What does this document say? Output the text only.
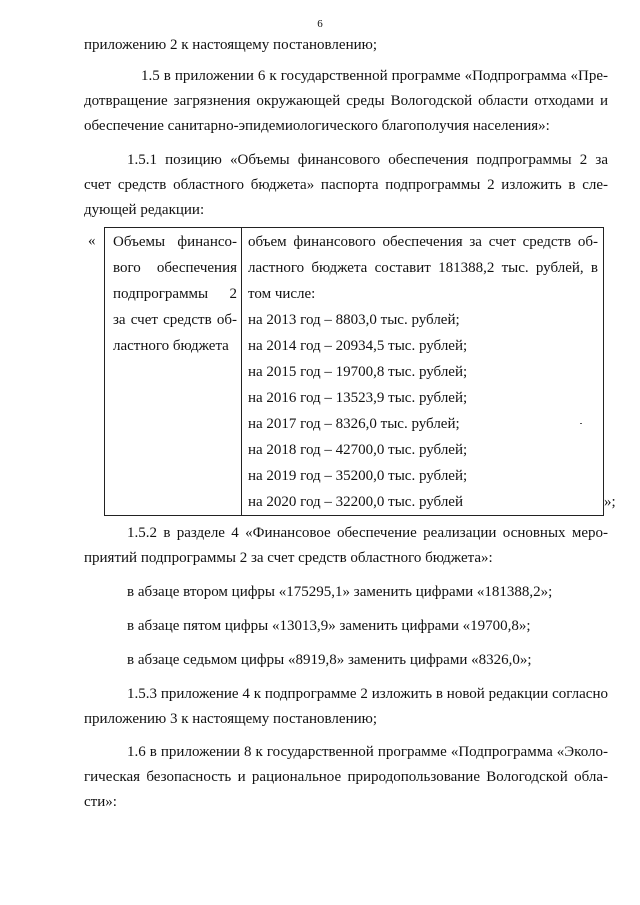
6
приложению 2 к настоящему постановлению;
1.5 в приложении 6 к государственной программе «Подпрограмма «Пре-
дотвращение загрязнения окружающей среды Вологодской области отходами и
обеспечение санитарно-эпидемиологического благополучия населения»:
1.5.1 позицию «Объемы финансового обеспечения подпрограммы 2 за
счет средств областного бюджета» паспорта подпрограммы 2 изложить в сле-
дующей редакции:
« Объемы финансо-
вого обеспечения
подпрограммы 2
за счет средств об-
ластного бюджета
объем финансового обеспечения за счет средств об-
ластного бюджета составит 181388,2 тыс. рублей, в
том числе:
на 2013 год – 8803,0 тыс. рублей;
на 2014 год – 20934,5 тыс. рублей;
на 2015 год – 19700,8 тыс. рублей;
на 2016 год – 13523,9 тыс. рублей;
на 2017 год – 8326,0 тыс. рублей;
на 2018 год – 42700,0 тыс. рублей;
на 2019 год – 35200,0 тыс. рублей;
на 2020 год – 32200,0 тыс. рублей	»;
1.5.2 в разделе 4 «Финансовое обеспечение реализации основных меро-
приятий подпрограммы 2 за счет средств областного бюджета»:
в абзаце втором цифры «175295,1» заменить цифрами «181388,2»;
в абзаце пятом цифры «13013,9» заменить цифрами «19700,8»;
в абзаце седьмом цифры «8919,8» заменить цифрами «8326,0»;
1.5.3 приложение 4 к подпрограмме 2 изложить в новой редакции согласно
приложению 3 к настоящему постановлению;
1.6 в приложении 8 к государственной программе «Подпрограмма «Эколо-
гическая безопасность и рациональное природопользование Вологодской обла-
сти»:
